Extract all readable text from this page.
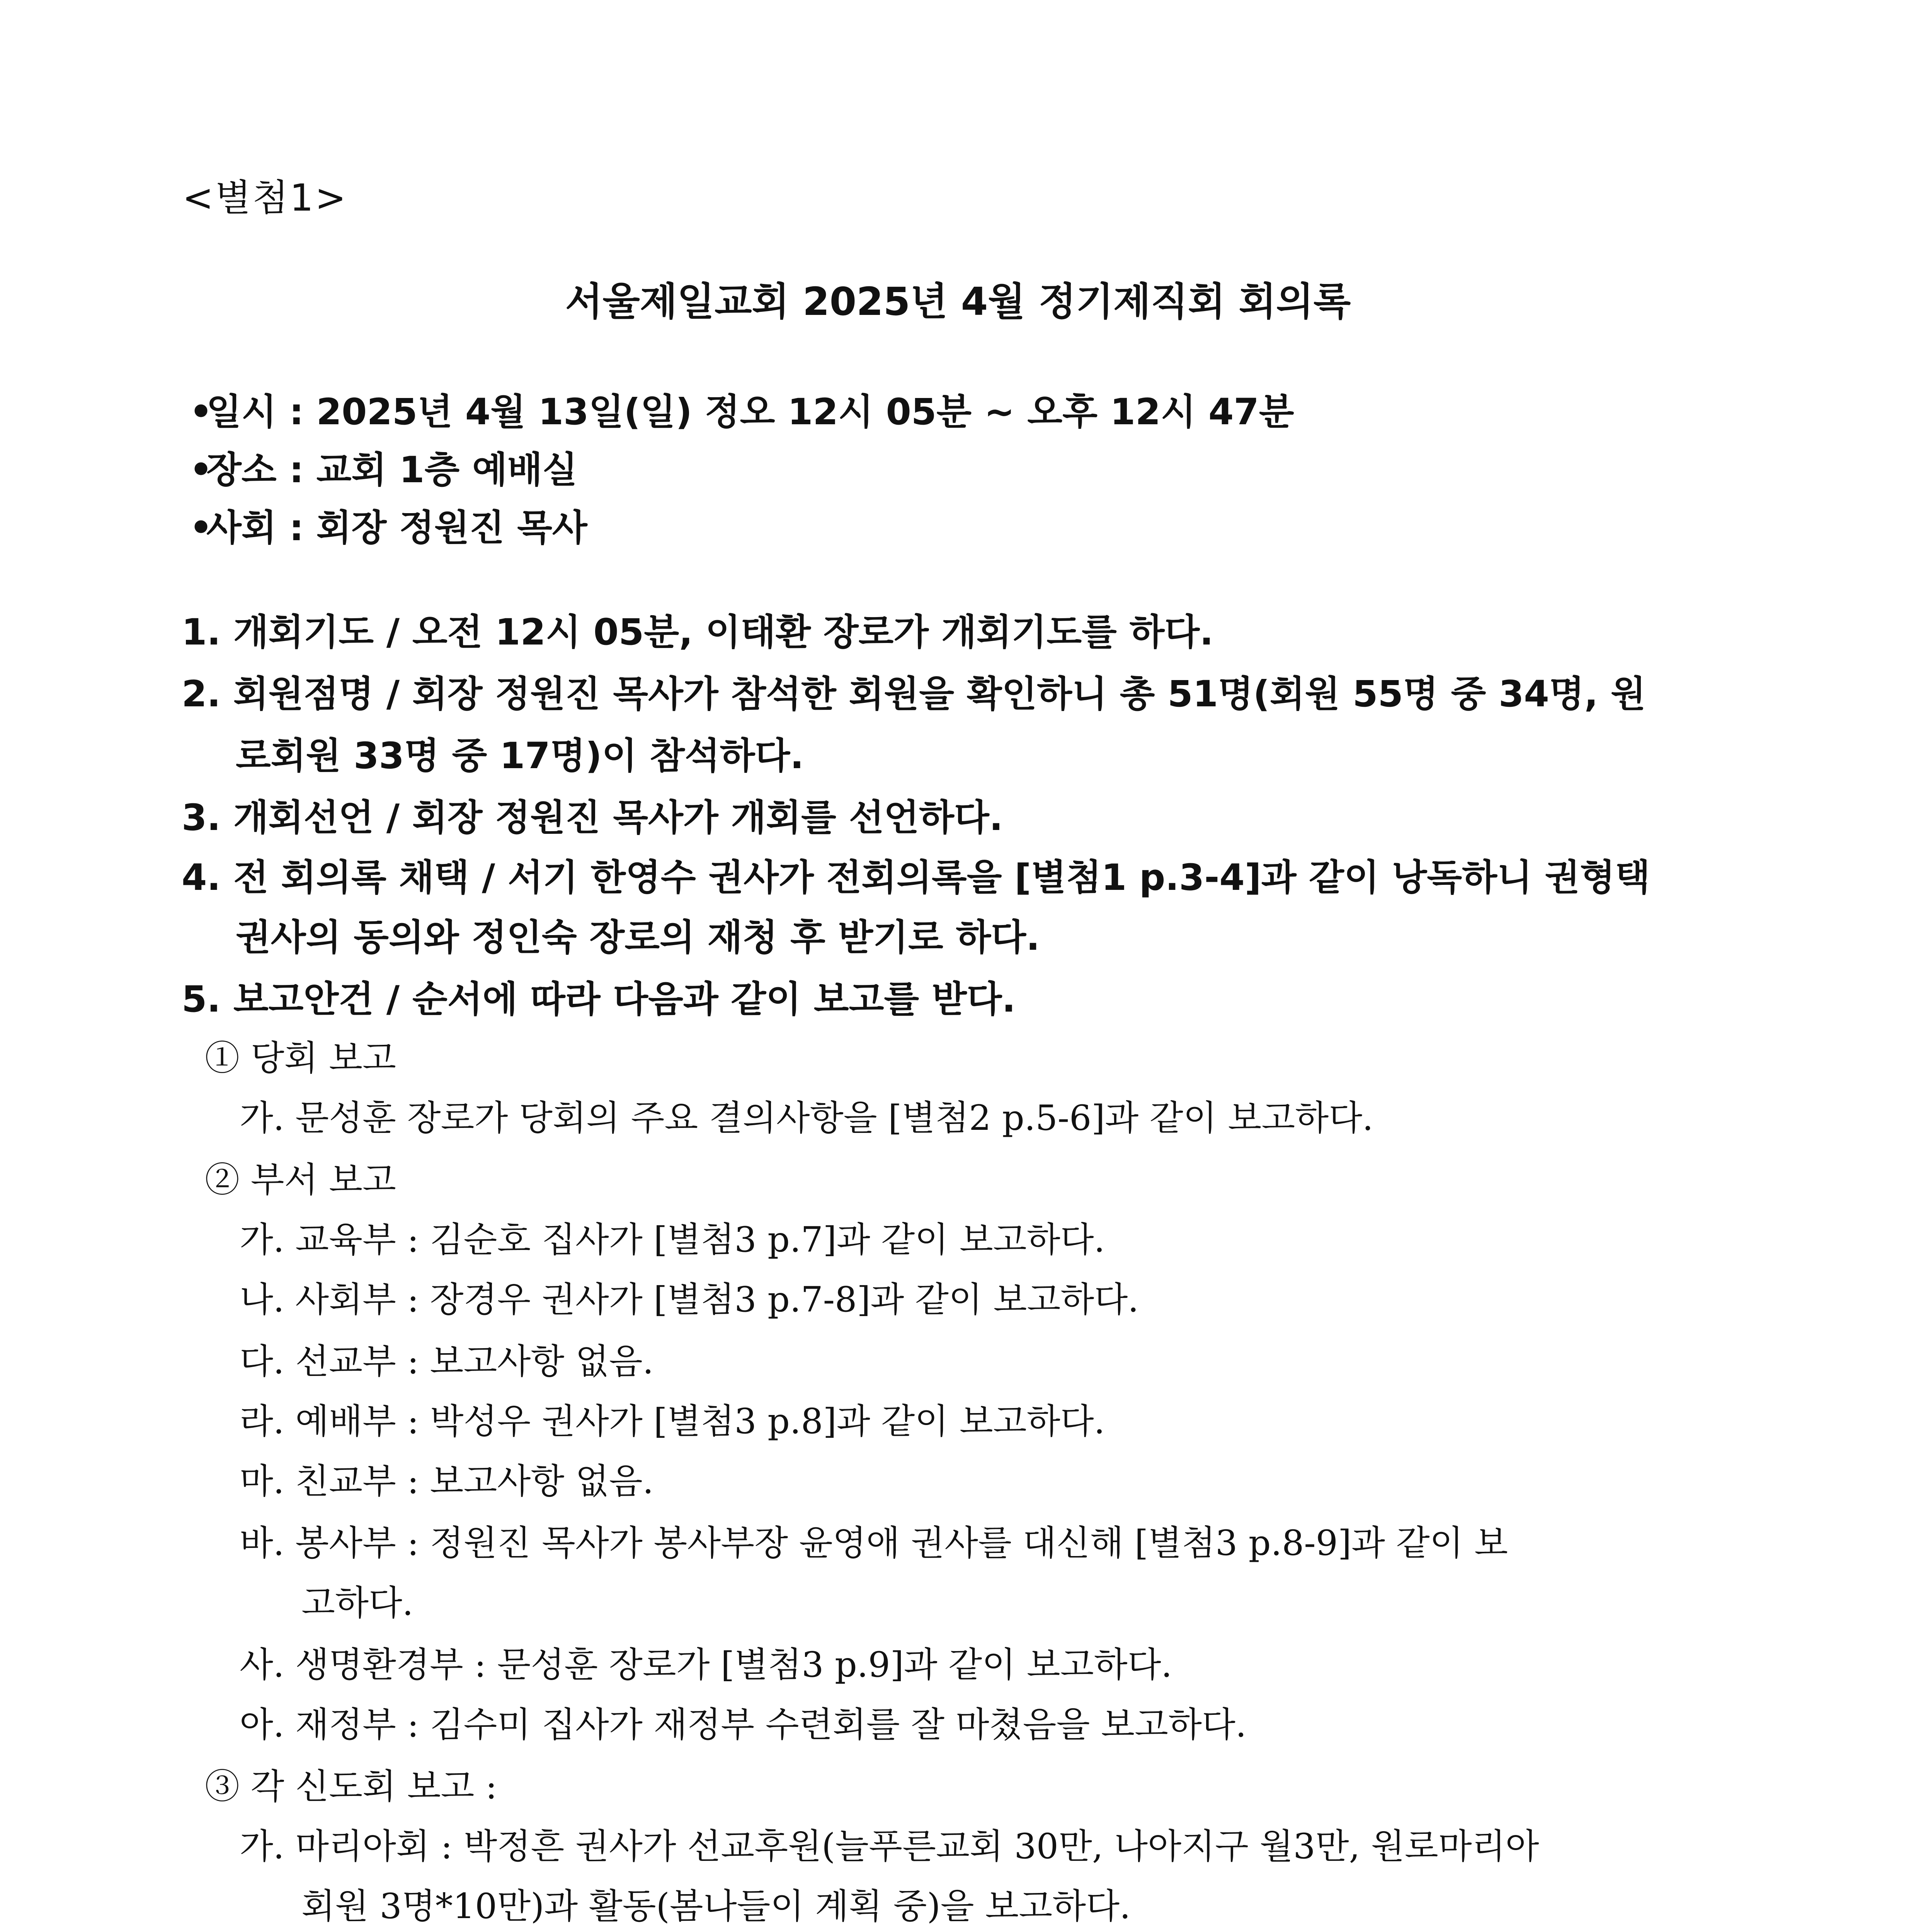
<별첨1>
서울제일교회 2025년 4월 정기제직회 회의록
•일시 : 2025년 4월 13일(일) 정오 12시 05분 ~ 오후 12시 47분
•장소 : 교회 1층 예배실
•사회 : 회장 정원진 목사
1. 개회기도 / 오전 12시 05분, 이태환 장로가 개회기도를 하다.
2. 회원점명 / 회장 정원진 목사가 참석한 회원을 확인하니 총 51명(회원 55명 중 34명, 원
로회원 33명 중 17명)이 참석하다.
3. 개회선언 / 회장 정원진 목사가 개회를 선언하다.
4. 전 회의록 채택 / 서기 한영수 권사가 전회의록을 [별첨1 p.3-4]과 같이 낭독하니 권형택
권사의 동의와 정인숙 장로의 재청 후 받기로 하다.
5. 보고안건 / 순서에 따라 다음과 같이 보고를 받다.
① 당회 보고
가. 문성훈 장로가 당회의 주요 결의사항을 [별첨2 p.5-6]과 같이 보고하다.
② 부서 보고
가. 교육부 : 김순호 집사가 [별첨3 p.7]과 같이 보고하다.
나. 사회부 : 장경우 권사가 [별첨3 p.7-8]과 같이 보고하다.
다. 선교부 : 보고사항 없음.
라. 예배부 : 박성우 권사가 [별첨3 p.8]과 같이 보고하다.
마. 친교부 : 보고사항 없음.
바. 봉사부 : 정원진 목사가 봉사부장 윤영애 권사를 대신해 [별첨3 p.8-9]과 같이 보
고하다.
사. 생명환경부 : 문성훈 장로가 [별첨3 p.9]과 같이 보고하다.
아. 재정부 : 김수미 집사가 재정부 수련회를 잘 마쳤음을 보고하다.
③ 각 신도회 보고 :
가. 마리아회 : 박정흔 권사가 선교후원(늘푸른교회 30만, 나아지구 월3만, 원로마리아
회원 3명*10만)과 활동(봄나들이 계획 중)을 보고하다.
